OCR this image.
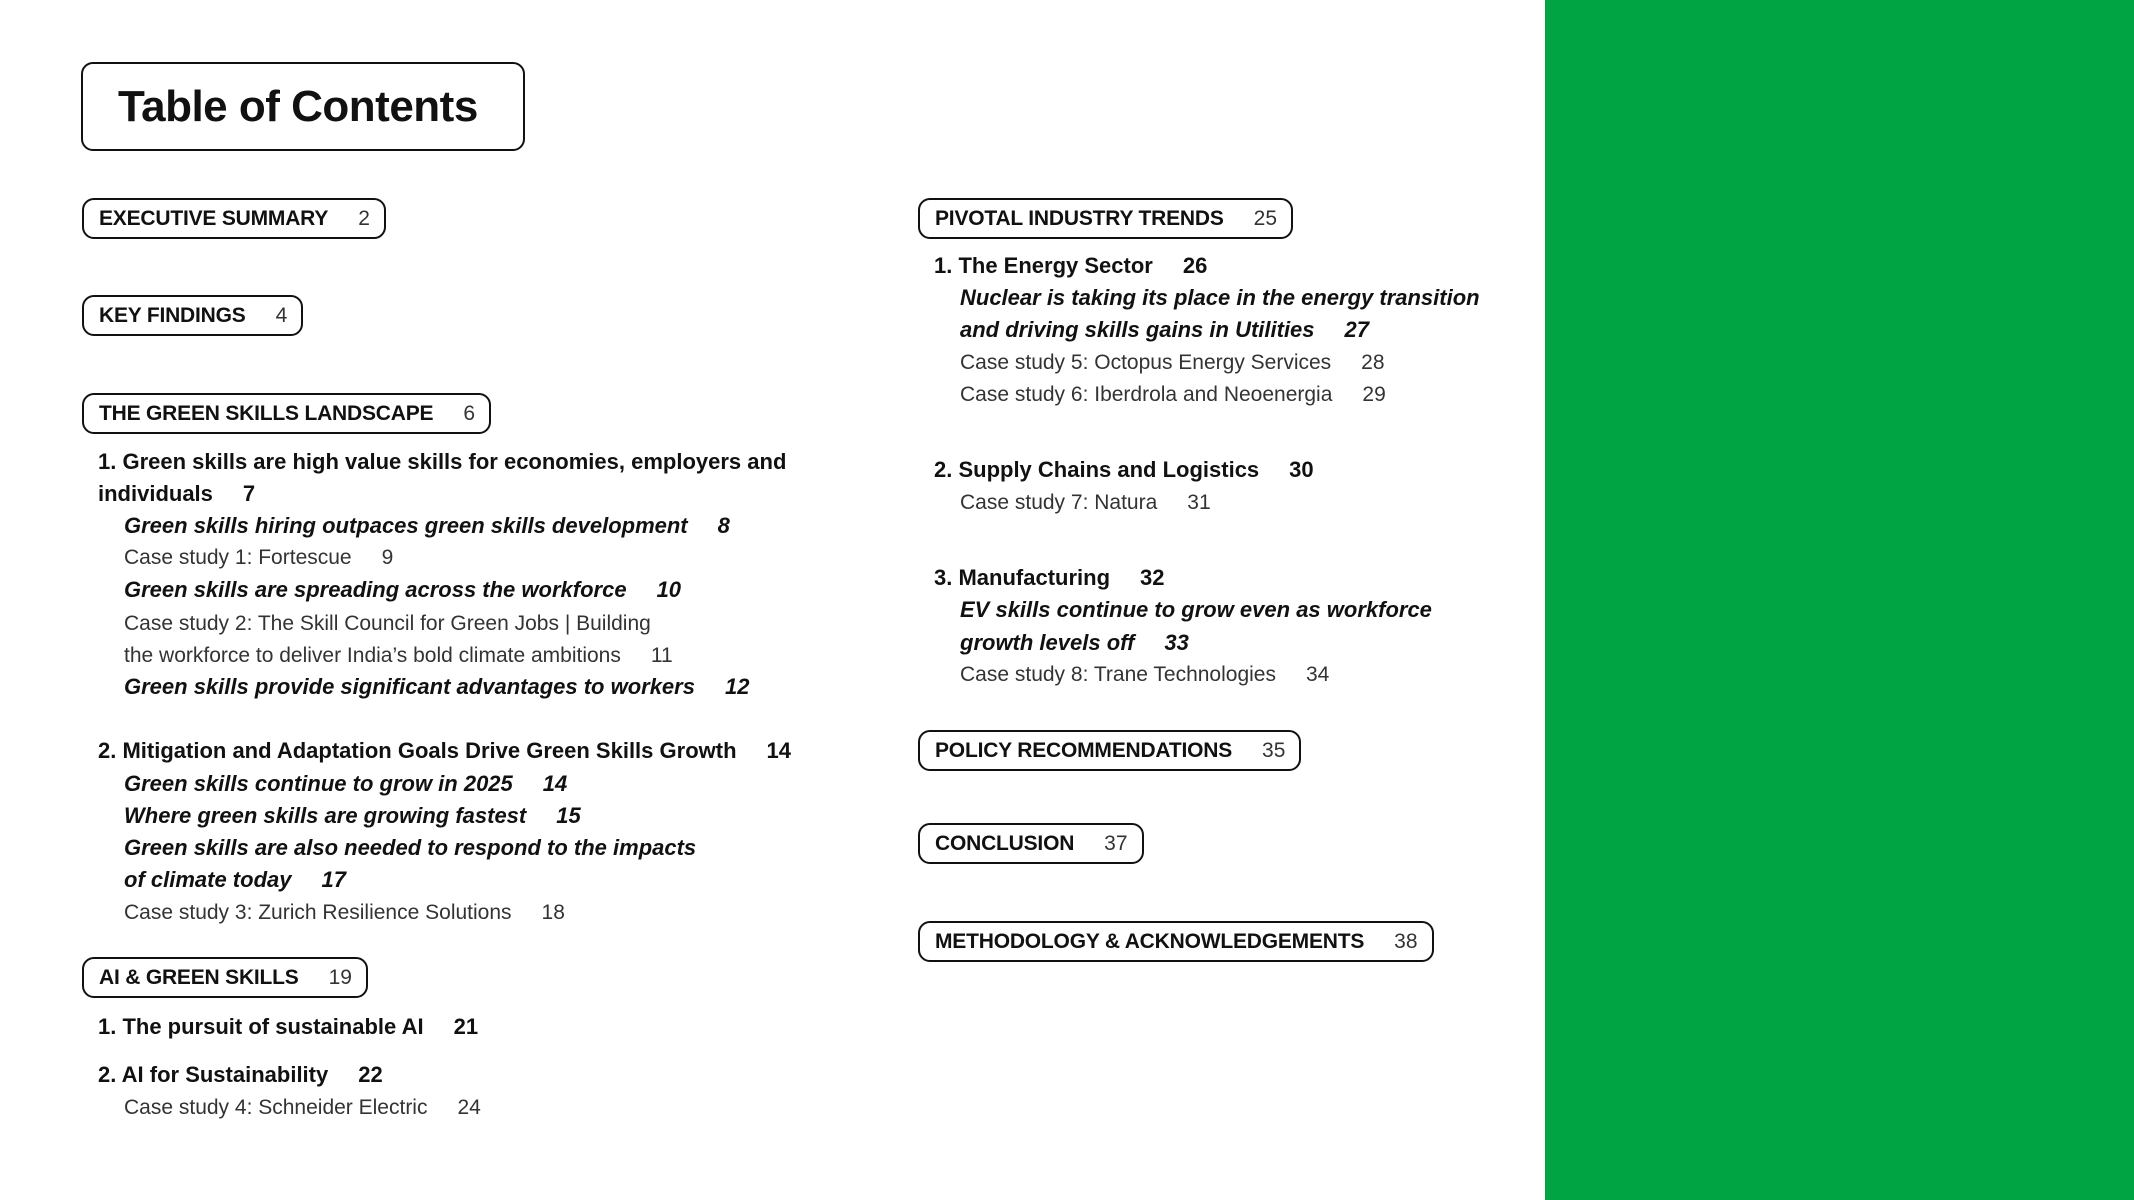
Table of Contents
EXECUTIVE SUMMARY 2
KEY FINDINGS 4
THE GREEN SKILLS LANDSCAPE 6
1. Green skills are high value skills for economies, employers and
individuals 7
Green skills hiring outpaces green skills development 8
Case study 1: Fortescue 9
Green skills are spreading across the workforce 10
Case study 2: The Skill Council for Green Jobs | Building
the workforce to deliver India’s bold climate ambitions 11
Green skills provide significant advantages to workers 12
2. Mitigation and Adaptation Goals Drive Green Skills Growth 14
Green skills continue to grow in 2025 14
Where green skills are growing fastest 15
Green skills are also needed to respond to the impacts
of climate today 17
Case study 3: Zurich Resilience Solutions 18
AI & GREEN SKILLS 19
1. The pursuit of sustainable AI 21
2. AI for Sustainability 22
Case study 4: Schneider Electric 24
PIVOTAL INDUSTRY TRENDS 25
1. The Energy Sector 26
Nuclear is taking its place in the energy transition
and driving skills gains in Utilities 27
Case study 5: Octopus Energy Services 28
Case study 6: Iberdrola and Neoenergia 29
2. Supply Chains and Logistics 30
Case study 7: Natura 31
3. Manufacturing 32
EV skills continue to grow even as workforce
growth levels off 33
Case study 8: Trane Technologies 34
POLICY RECOMMENDATIONS 35
CONCLUSION 37
METHODOLOGY & ACKNOWLEDGEMENTS 38
